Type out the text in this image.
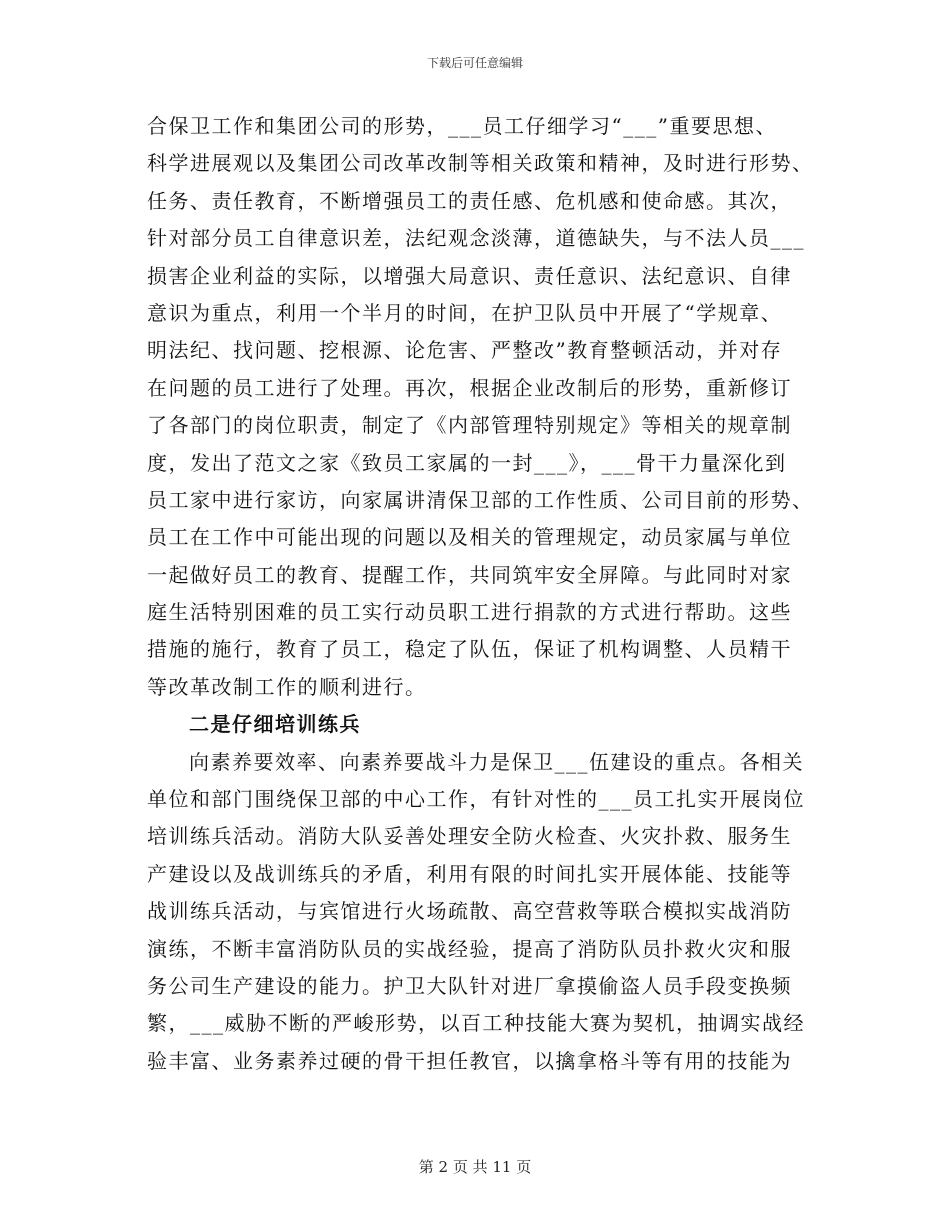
下载后可任意编辑
合保卫工作和集团公司的形势，___员工仔细学习“___”重要思想、
科学进展观以及集团公司改革改制等相关政策和精神，及时进行形势、
任务、责任教育，不断增强员工的责任感、危机感和使命感。其次，
针对部分员工自律意识差，法纪观念淡薄，道德缺失，与不法人员___
损害企业利益的实际，以增强大局意识、责任意识、法纪意识、自律
意识为重点，利用一个半月的时间，在护卫队员中开展了“学规章、
明法纪、找问题、挖根源、论危害、严整改”教育整顿活动，并对存
在问题的员工进行了处理。再次，根据企业改制后的形势，重新修订
了各部门的岗位职责，制定了《内部管理特别规定》等相关的规章制
度，发出了范文之家《致员工家属的一封___》，___骨干力量深化到
员工家中进行家访，向家属讲清保卫部的工作性质、公司目前的形势、
员工在工作中可能出现的问题以及相关的管理规定，动员家属与单位
一起做好员工的教育、提醒工作，共同筑牢安全屏障。与此同时对家
庭生活特别困难的员工实行动员职工进行捐款的方式进行帮助。这些
措施的施行，教育了员工，稳定了队伍，保证了机构调整、人员精干
等改革改制工作的顺利进行。
二是仔细培训练兵
向素养要效率、向素养要战斗力是保卫___伍建设的重点。各相关
单位和部门围绕保卫部的中心工作，有针对性的___员工扎实开展岗位
培训练兵活动。消防大队妥善处理安全防火检查、火灾扑救、服务生
产建设以及战训练兵的矛盾，利用有限的时间扎实开展体能、技能等
战训练兵活动，与宾馆进行火场疏散、高空营救等联合模拟实战消防
演练，不断丰富消防队员的实战经验，提高了消防队员扑救火灾和服
务公司生产建设的能力。护卫大队针对进厂拿摸偷盗人员手段变换频
繁，___威胁不断的严峻形势，以百工种技能大赛为契机，抽调实战经
验丰富、业务素养过硬的骨干担任教官，以擒拿格斗等有用的技能为
第 2 页 共 11 页
